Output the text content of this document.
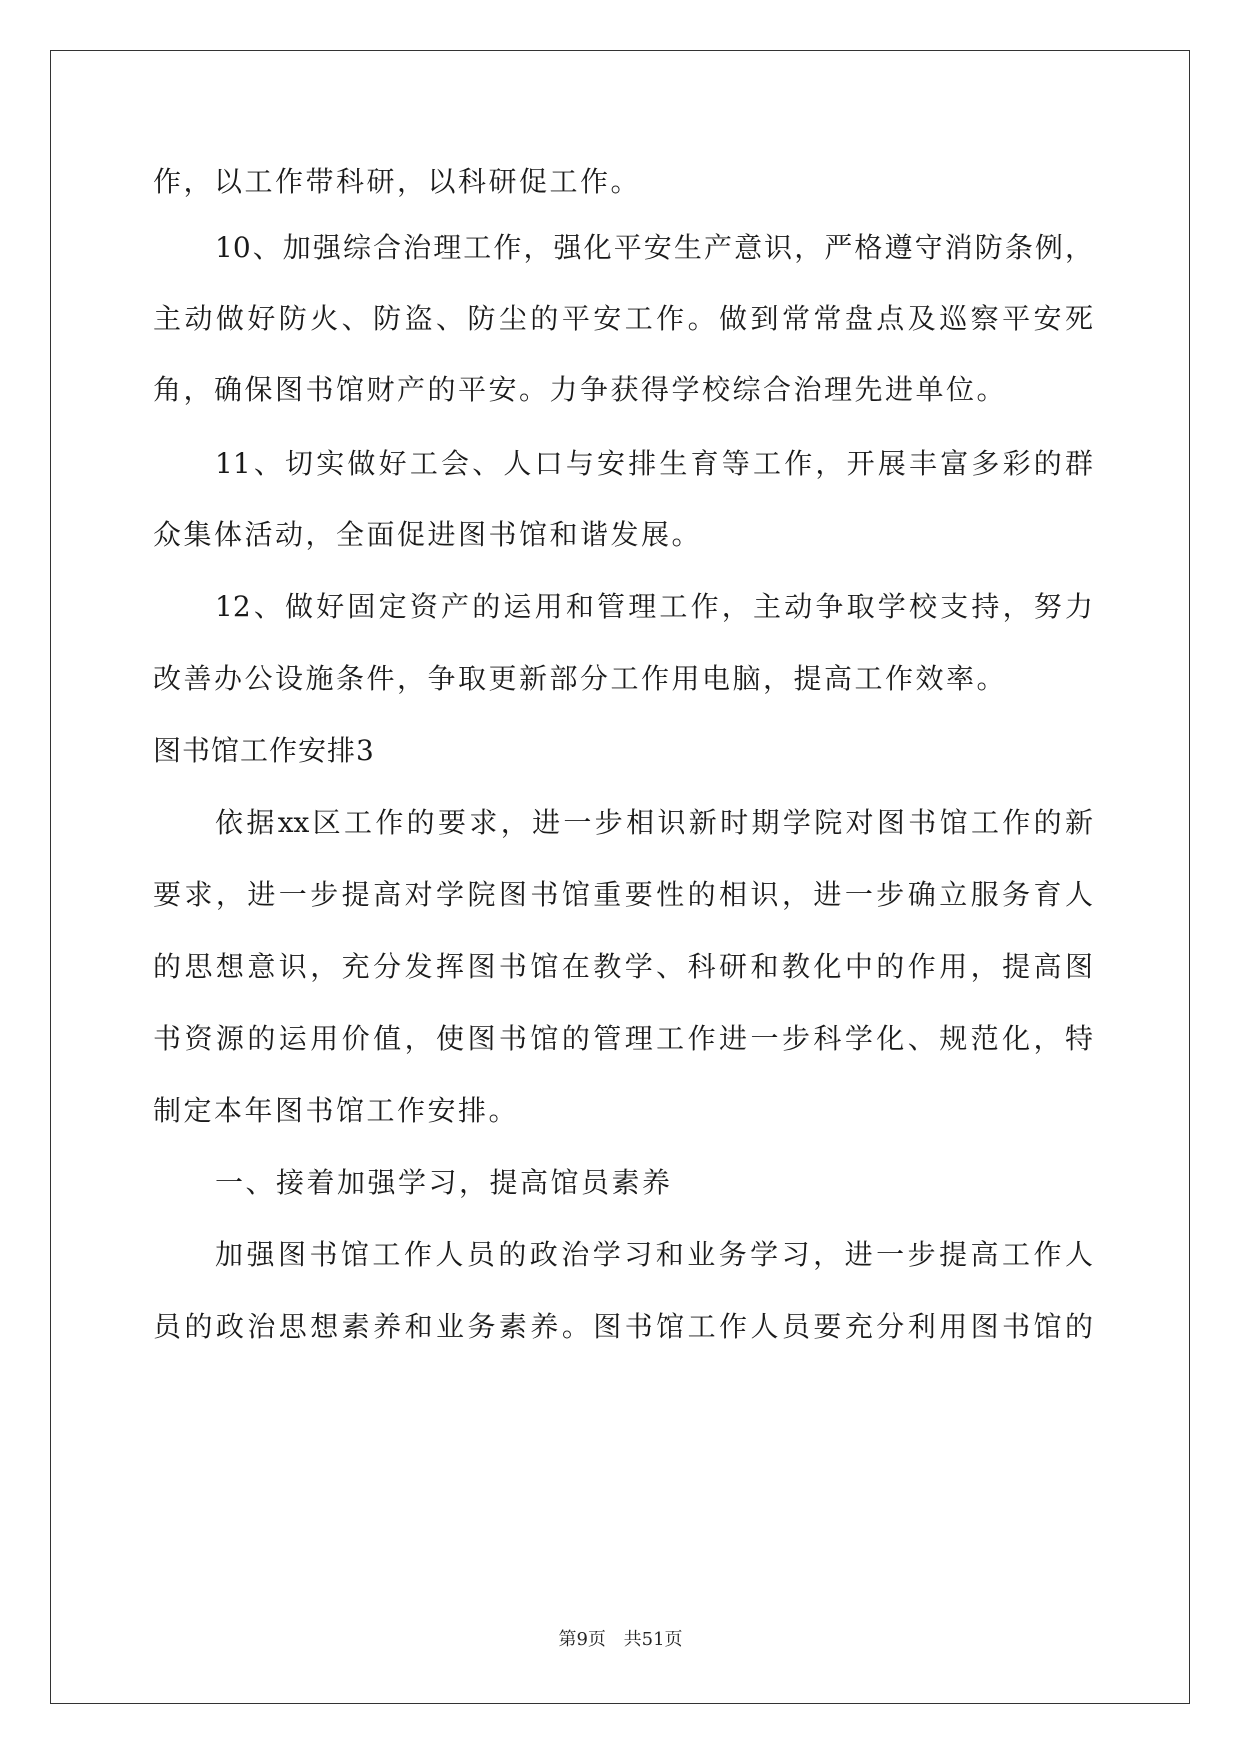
作，以工作带科研，以科研促工作。
10、加强综合治理工作，强化平安生产意识，严格遵守消防条例，
主动做好防火、防盗、防尘的平安工作。做到常常盘点及巡察平安死
角，确保图书馆财产的平安。力争获得学校综合治理先进单位。
11、切实做好工会、人口与安排生育等工作，开展丰富多彩的群
众集体活动，全面促进图书馆和谐发展。
12、做好固定资产的运用和管理工作，主动争取学校支持，努力
改善办公设施条件，争取更新部分工作用电脑，提高工作效率。
图书馆工作安排3
依据xx区工作的要求，进一步相识新时期学院对图书馆工作的新
要求，进一步提高对学院图书馆重要性的相识，进一步确立服务育人
的思想意识，充分发挥图书馆在教学、科研和教化中的作用，提高图
书资源的运用价值，使图书馆的管理工作进一步科学化、规范化，特
制定本年图书馆工作安排。
一、接着加强学习，提高馆员素养
加强图书馆工作人员的政治学习和业务学习，进一步提高工作人
员的政治思想素养和业务素养。图书馆工作人员要充分利用图书馆的
第9页 共51页
